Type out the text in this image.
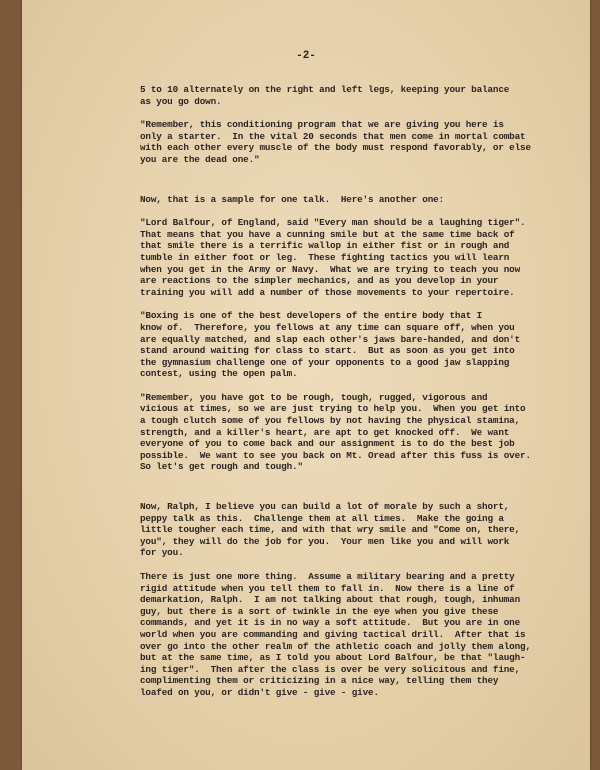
-2-
5 to 10 alternately on the right and left legs, keeping your balance
as you go down.
"Remember, this conditioning program that we are giving you here is
only a starter.  In the vital 20 seconds that men come in mortal combat
with each other every muscle of the body must respond favorably, or else
you are the dead one."
Now, that is a sample for one talk.  Here's another one:
"Lord Balfour, of England, said "Every man should be a laughing tiger".
That means that you have a cunning smile but at the same time back of
that smile there is a terrific wallop in either fist or in rough and
tumble in either foot or leg.  These fighting tactics you will learn
when you get in the Army or Navy.  What we are trying to teach you now
are reactions to the simpler mechanics, and as you develop in your
training you will add a number of those movements to your repertoire.
"Boxing is one of the best developers of the entire body that I
know of.  Therefore, you fellows at any time can square off, when you
are equally matched, and slap each other's jaws bare-handed, and don't
stand around waiting for class to start.  But as soon as you get into
the gymnasium challenge one of your opponents to a good jaw slapping
contest, using the open palm.
"Remember, you have got to be rough, tough, rugged, vigorous and
vicious at times, so we are just trying to help you.  When you get into
a tough clutch some of you fellows by not having the physical stamina,
strength, and a killer's heart, are apt to get knocked off.  We want
everyone of you to come back and our assignment is to do the best job
possible.  We want to see you back on Mt. Oread after this fuss is over.
So let's get rough and tough."
Now, Ralph, I believe you can build a lot of morale by such a short,
peppy talk as this.  Challenge them at all times.  Make the going a
little tougher each time, and with that wry smile and "Come on, there,
you", they will do the job for you.  Your men like you and will work
for you.
There is just one more thing.  Assume a military bearing and a pretty
rigid attitude when you tell them to fall in.  Now there is a line of
demarkation, Ralph.  I am not talking about that rough, tough, inhuman
guy, but there is a sort of twinkle in the eye when you give these
commands, and yet it is in no way a soft attitude.  But you are in one
world when you are commanding and giving tactical drill.  After that is
over go into the other realm of the athletic coach and jolly them along,
but at the same time, as I told you about Lord Balfour, be that "laugh-
ing tiger".  Then after the class is over be very solicitous and fine,
complimenting them or criticizing in a nice way, telling them they
loafed on you, or didn't give - give - give.
